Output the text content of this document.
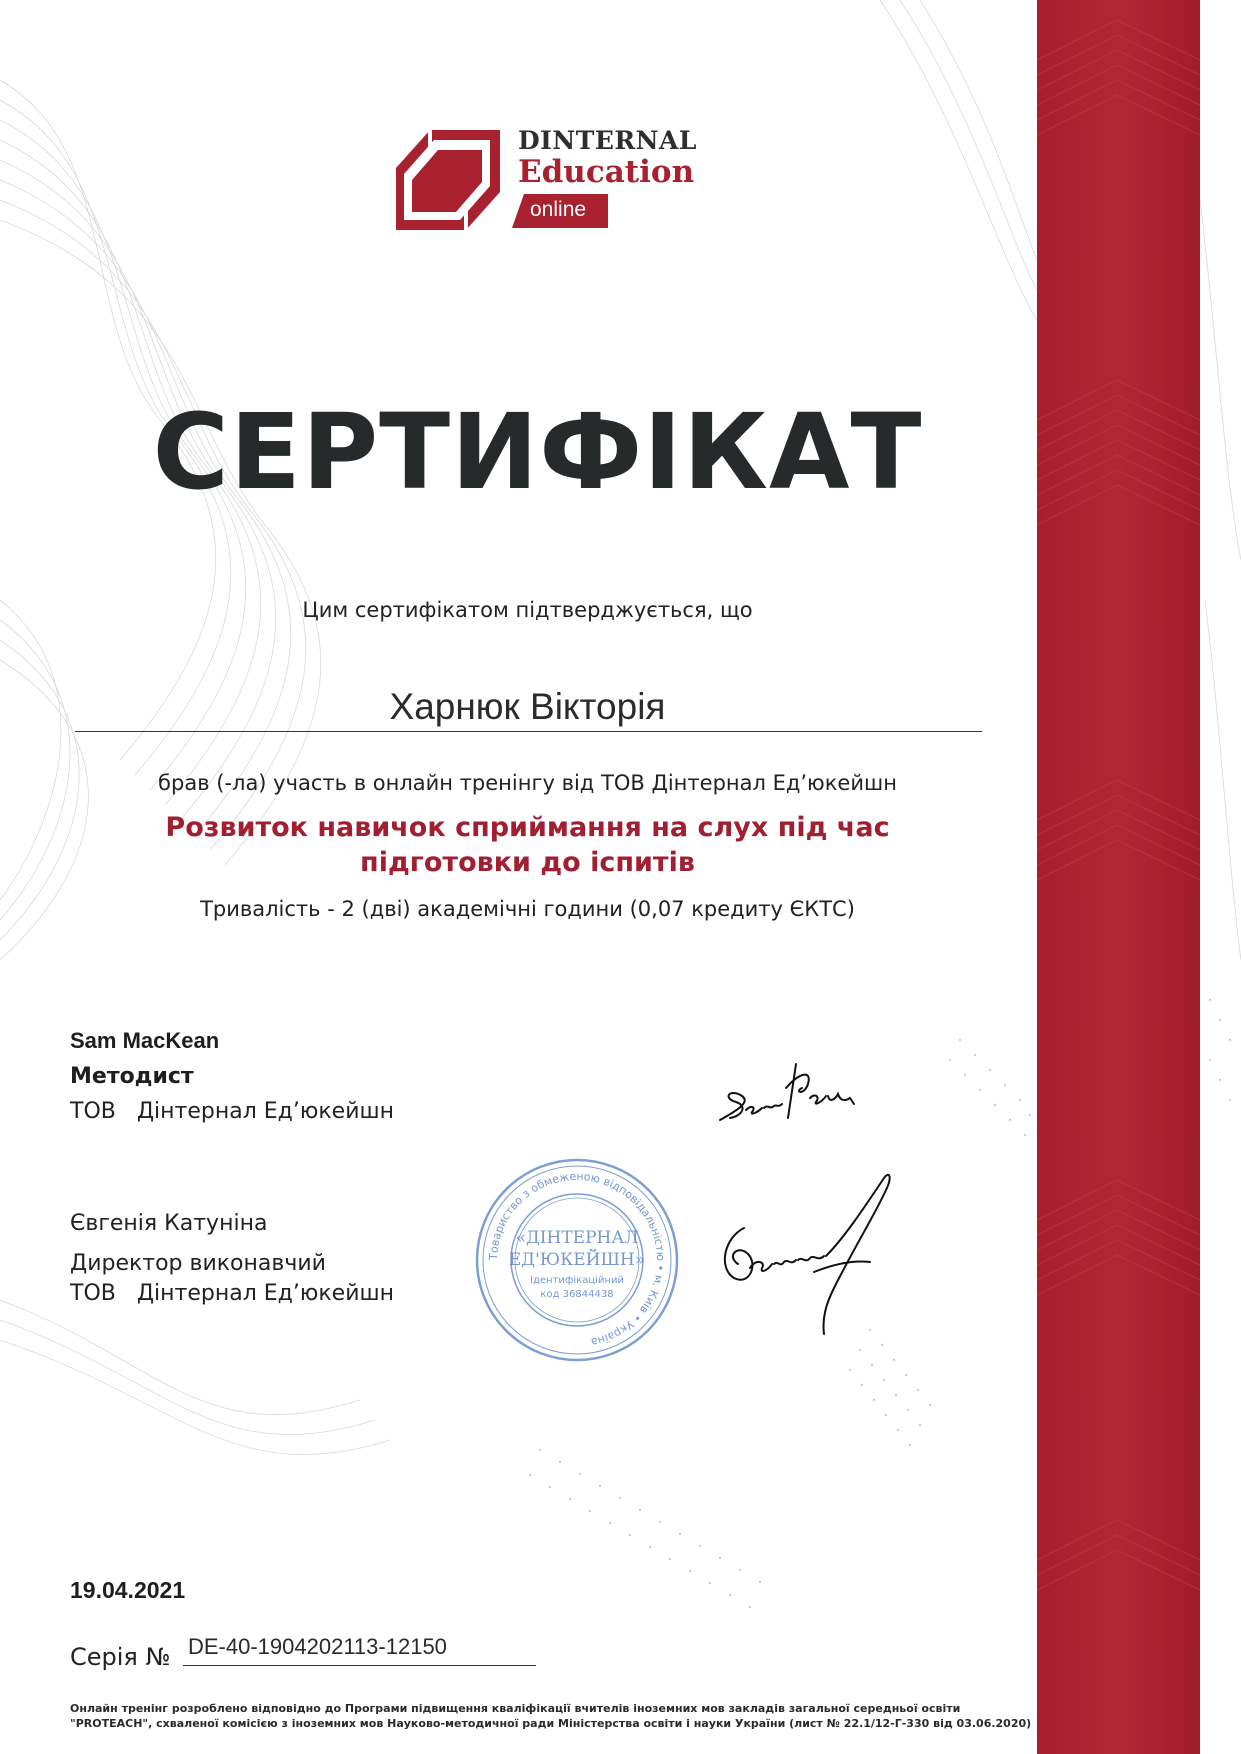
DINTERNAL
Education
online
СЕРТИФІКАТ
Цим сертифікатом підтверджується, що
Харнюк Вікторія
брав (-ла) участь в онлайн тренінгу від ТОВ Дінтернал Ед’юкейшн
Розвиток навичок сприймання на слух під час
підготовки до іспитів
Тривалість - 2 (дві) академічні години (0,07 кредиту ЄКТС)
Sam MacKean
Методист
ТОВ   Дінтернал Ед’юкейшн
Євгенія Катуніна
Директор виконавчий
ТОВ   Дінтернал Ед’юкейшн
Товариство з обмеженою відповідальністю • м. Київ • Україна
«ДІНТЕРНАЛ
ЕД'ЮКЕЙШН»
Ідентифікаційний
код 36844438
19.04.2021
Серія № DE-40-1904202113-12150
Онлайн тренінг розроблено відповідно до Програми підвищення кваліфікації вчителів іноземних мов закладів загальної середньої освіти
"PROTEACH", схваленої комісією з іноземних мов Науково-методичної ради Міністерства освіти і науки України (лист № 22.1/12-Г-330 від 03.06.2020)
